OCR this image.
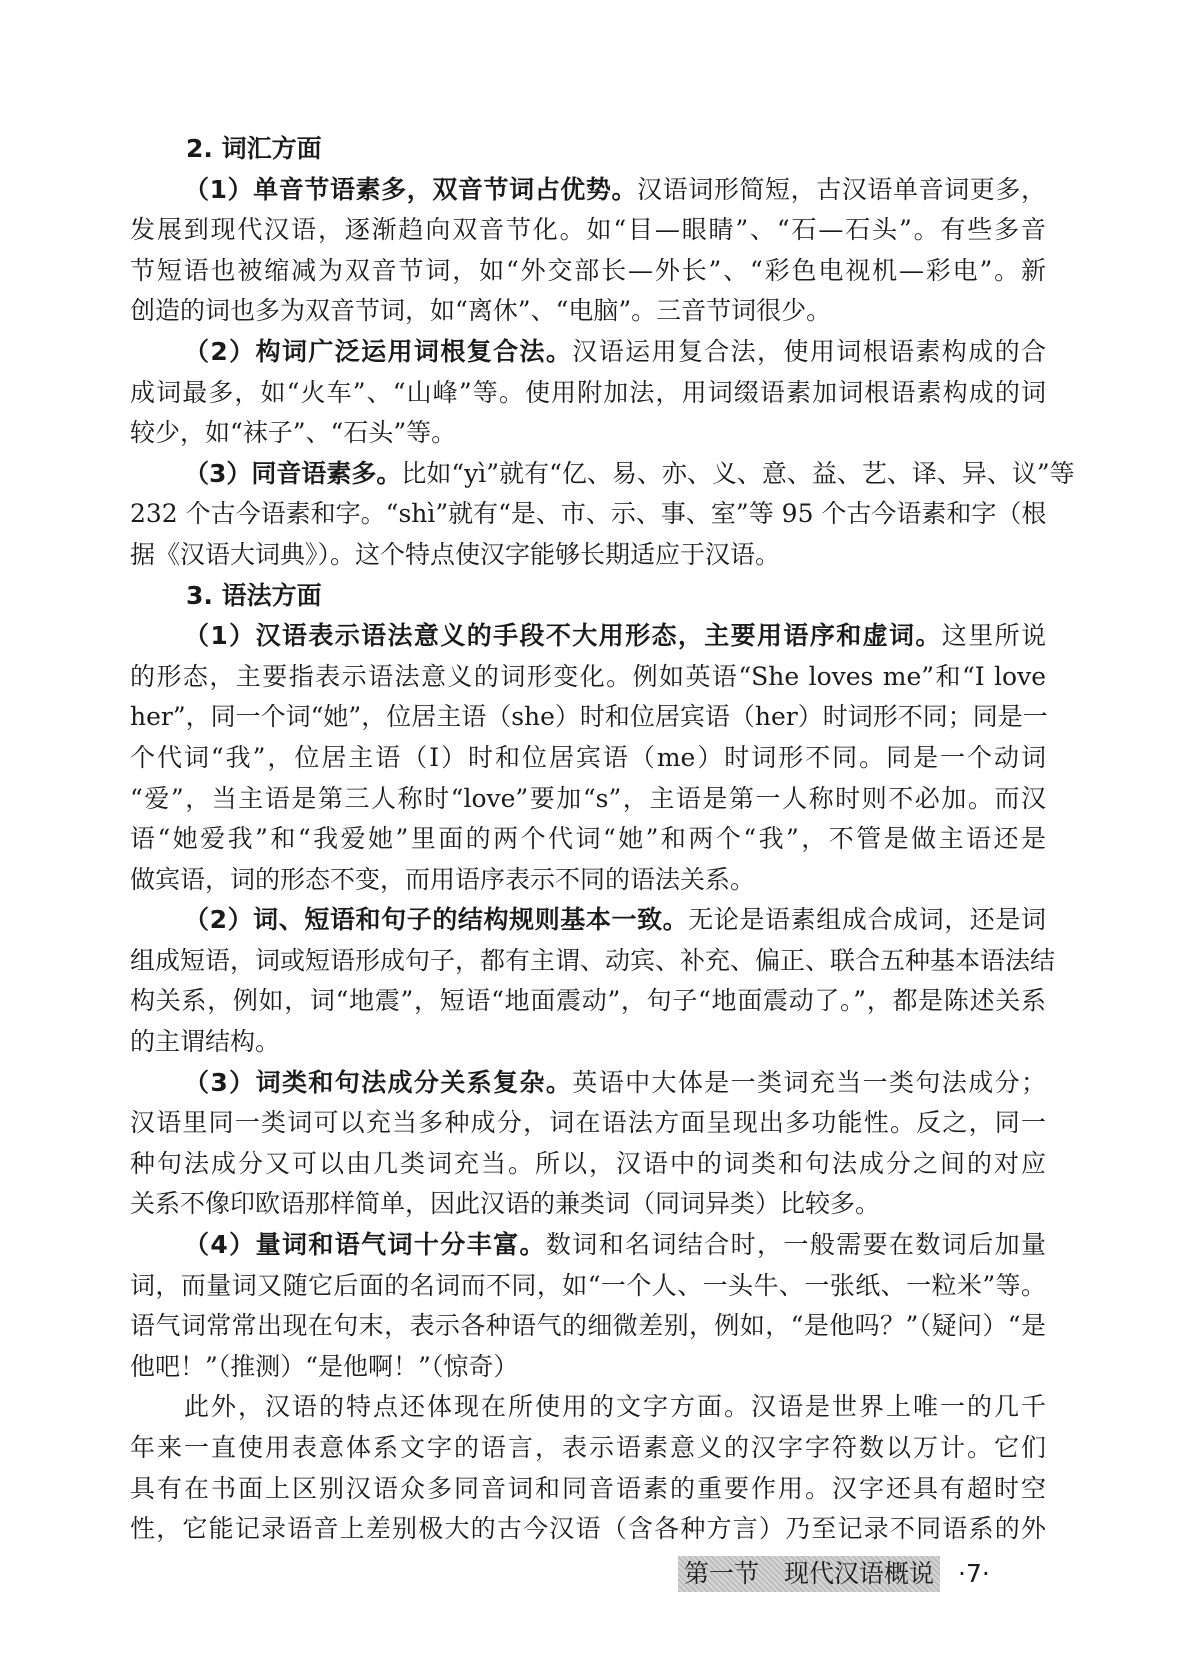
2. 词汇方面
（1）单音节语素多，双音节词占优势。汉语词形简短，古汉语单音词更多，
发展到现代汉语，逐渐趋向双音节化。如“目—眼睛”、“石—石头”。有些多音
节短语也被缩减为双音节词，如“外交部长—外长”、“彩色电视机—彩电”。新
创造的词也多为双音节词，如“离休”、“电脑”。三音节词很少。
（2）构词广泛运用词根复合法。汉语运用复合法，使用词根语素构成的合
成词最多，如“火车”、“山峰”等。使用附加法，用词缀语素加词根语素构成的词
较少，如“袜子”、“石头”等。
（3）同音语素多。比如“yì”就有“亿、易、亦、义、意、益、艺、译、异、议”等
232 个古今语素和字。“shì”就有“是、市、示、事、室”等 95 个古今语素和字（根
据《汉语大词典》）。这个特点使汉字能够长期适应于汉语。
3. 语法方面
（1）汉语表示语法意义的手段不大用形态，主要用语序和虚词。这里所说
的形态，主要指表示语法意义的词形变化。例如英语“She loves me”和“I love
her”，同一个词“她”，位居主语（she）时和位居宾语（her）时词形不同；同是一
个代词“我”，位居主语（I）时和位居宾语（me）时词形不同。同是一个动词
“爱”，当主语是第三人称时“love”要加“s”，主语是第一人称时则不必加。而汉
语“她爱我”和“我爱她”里面的两个代词“她”和两个“我”，不管是做主语还是
做宾语，词的形态不变，而用语序表示不同的语法关系。
（2）词、短语和句子的结构规则基本一致。无论是语素组成合成词，还是词
组成短语，词或短语形成句子，都有主谓、动宾、补充、偏正、联合五种基本语法结
构关系，例如，词“地震”，短语“地面震动”，句子“地面震动了。”，都是陈述关系
的主谓结构。
（3）词类和句法成分关系复杂。英语中大体是一类词充当一类句法成分；
汉语里同一类词可以充当多种成分，词在语法方面呈现出多功能性。反之，同一
种句法成分又可以由几类词充当。所以，汉语中的词类和句法成分之间的对应
关系不像印欧语那样简单，因此汉语的兼类词（同词异类）比较多。
（4）量词和语气词十分丰富。数词和名词结合时，一般需要在数词后加量
词，而量词又随它后面的名词而不同，如“一个人、一头牛、一张纸、一粒米”等。
语气词常常出现在句末，表示各种语气的细微差别，例如，“是他吗？”（疑问）“是
他吧！”（推测）“是他啊！”（惊奇）
此外，汉语的特点还体现在所使用的文字方面。汉语是世界上唯一的几千
年来一直使用表意体系文字的语言，表示语素意义的汉字字符数以万计。它们
具有在书面上区别汉语众多同音词和同音语素的重要作用。汉字还具有超时空
性，它能记录语音上差别极大的古今汉语（含各种方言）乃至记录不同语系的外
第一节　现代汉语概说 ·7·
